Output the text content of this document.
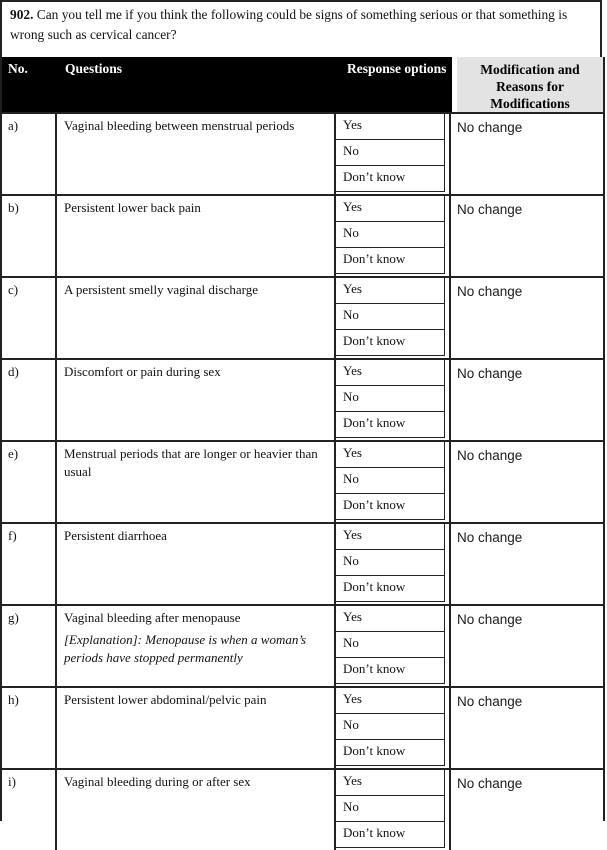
902. Can you tell me if you think the following could be signs of something serious or that something is wrong such as cervical cancer?

No.	Questions	Response options	Modification and Reasons for Modifications
a)	Vaginal bleeding between menstrual periods	Yes
No
Don’t know
No change
b)	Persistent lower back pain	Yes
No
Don’t know
No change
c)	A persistent smelly vaginal discharge	Yes
No
Don’t know
No change
d)	Discomfort or pain during sex	Yes
No
Don’t know
No change
e)	Menstrual periods that are longer or heavier than usual
Yes
No
Don’t know
No change
f)	Persistent diarrhoea	Yes
No
Don’t know
No change
g)	Vaginal bleeding after menopause
[Explanation]: Menopause is when a woman’s periods have stopped permanently
Yes
No
Don’t know
No change
h)	Persistent lower abdominal/pelvic pain	Yes
No
Don’t know
No change
i)	Vaginal bleeding during or after sex	Yes
No
Don’t know
No change
